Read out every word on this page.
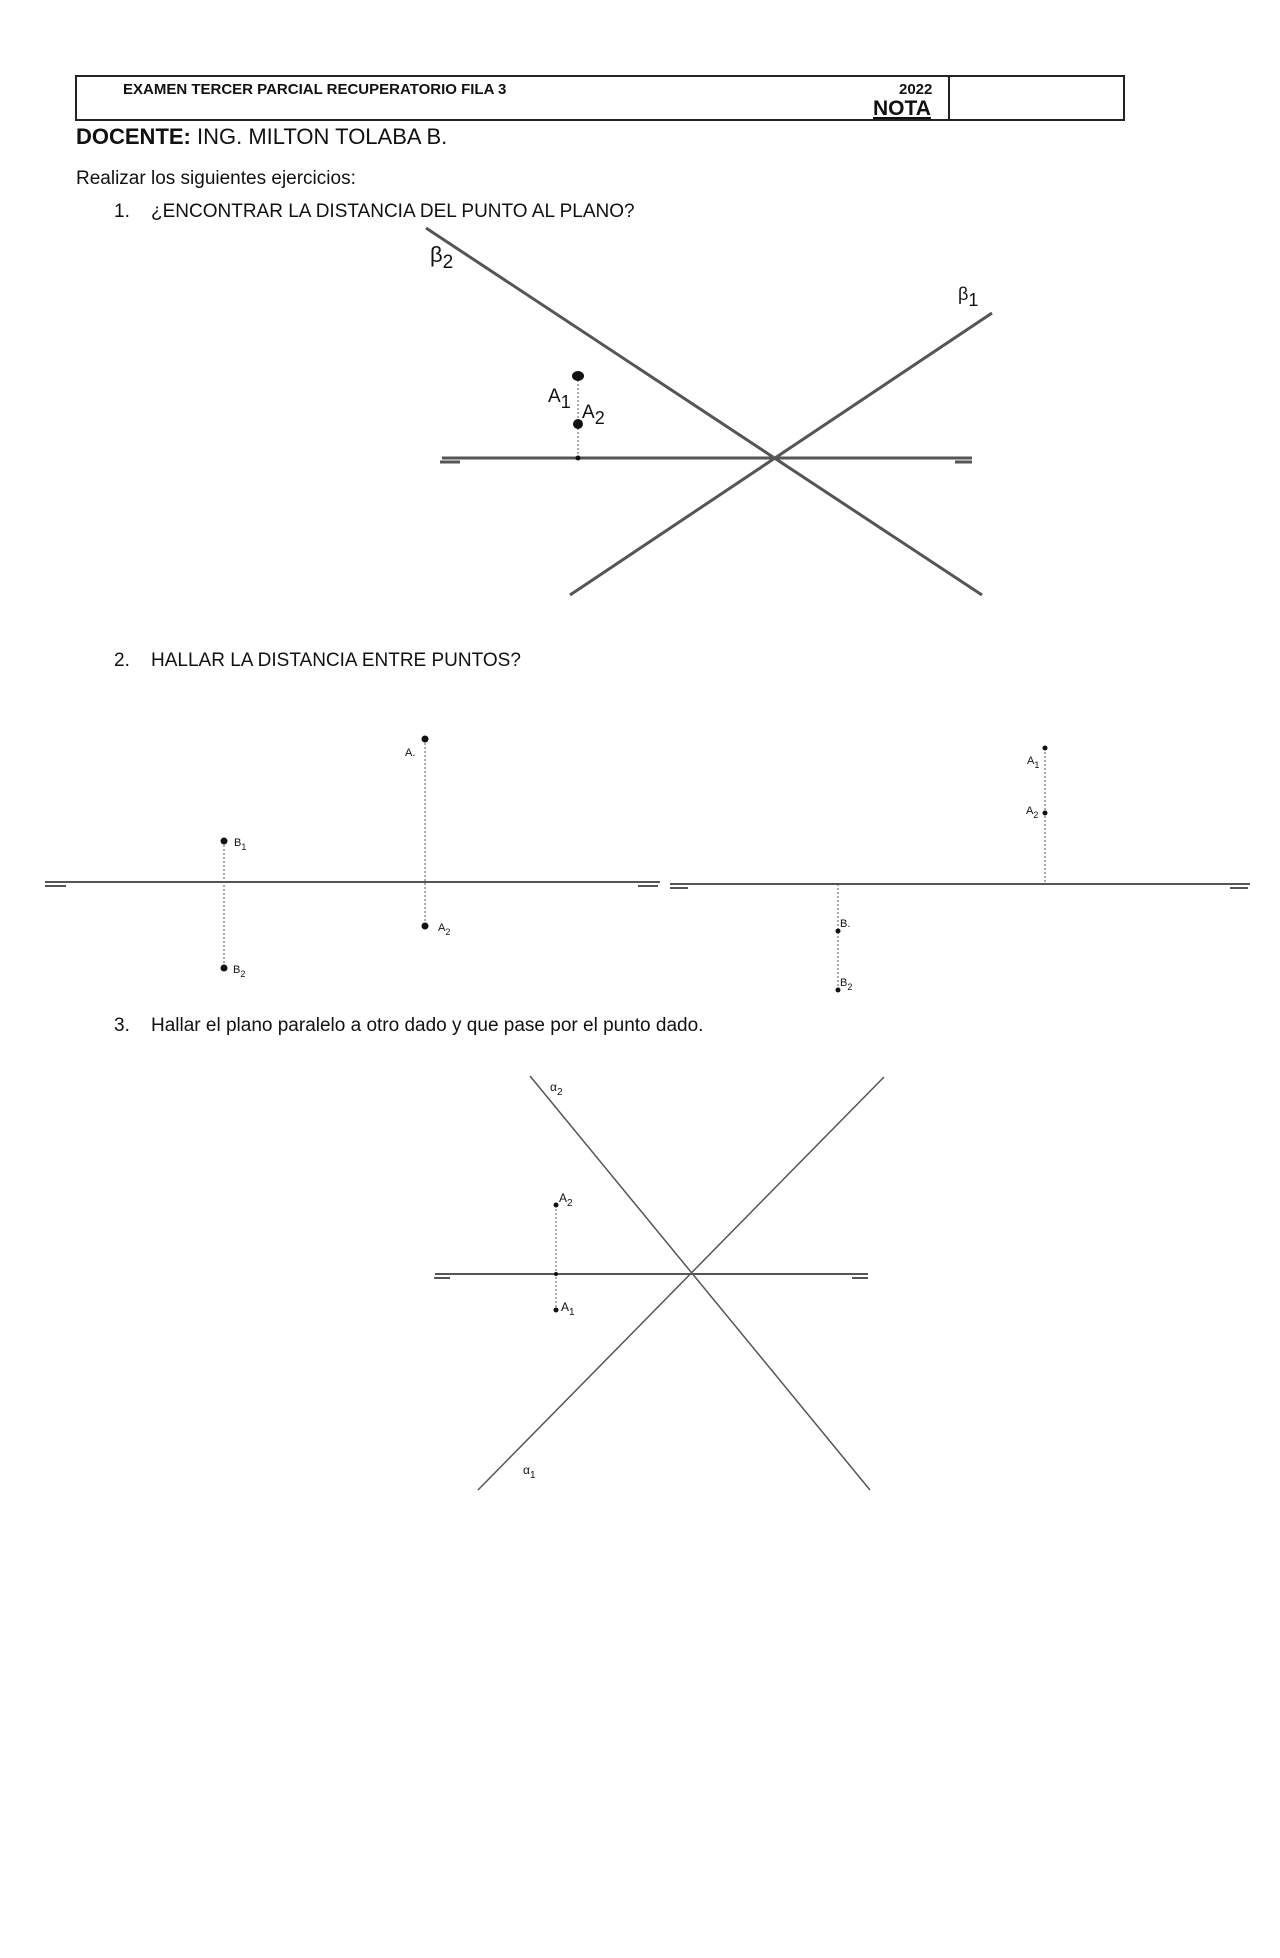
EXAMEN TERCER PARCIAL RECUPERATORIO FILA 3	2022
NOTA
DOCENTE: ING. MILTON TOLABA B.
Realizar los siguientes ejercicios:
1. ¿ENCONTRAR LA DISTANCIA DEL PUNTO AL PLANO?
2. HALLAR LA DISTANCIA ENTRE PUNTOS?
3. Hallar el plano paralelo a otro dado y que pase por el punto dado.
β2
β1
A1 A2
A.
$B_1$
$A_2$
$B_2$
$A_1$
$A_2$
B.
$B_2$
$\alpha_2$
$\alpha_1$
$A_2$
$A_1$
